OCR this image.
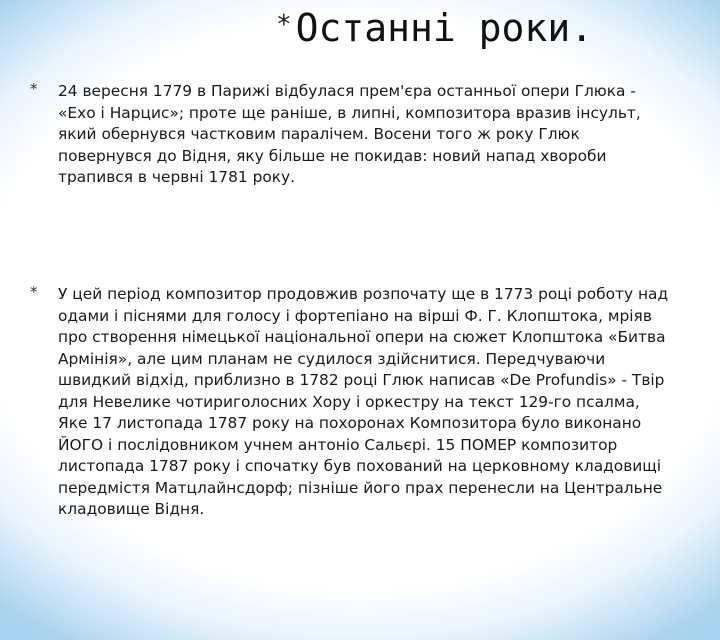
* Останні роки.
*	24 вересня 1779 в Парижі відбулася прем'єра останньої опери Глюка - «Ехо і Нарцис»; проте ще раніше, в липні, композитора вразив інсульт, який обернувся частковим паралічем. Восени того ж року Глюк повернувся до Відня, яку більше не покидав: новий напад хвороби трапився в червні 1781 року.
*	У цей період композитор продовжив розпочату ще в 1773 році роботу над одами і піснями для голосу і фортепіано на вірші Ф. Г. Клопштока, мріяв про створення німецької національної опери на сюжет Клопштока «Битва Армінія», але цим планам не судилося здійснитися. Передчуваючи швидкий відхід, приблизно в 1782 році Глюк написав «De Profundis» - Твір для Невелике чотириголосних Хору і оркестру на текст 129-го псалма, Яке 17 листопада 1787 року на похоронах Композитора було виконано ЙОГО і послідовником учнем антоніо Сальєрі. 15 ПОМЕР композитор листопада 1787 року і спочатку був похований на церковному кладовищі передмістя Матцлайнсдорф; пізніше його прах перенесли на Центральне кладовище Відня.
